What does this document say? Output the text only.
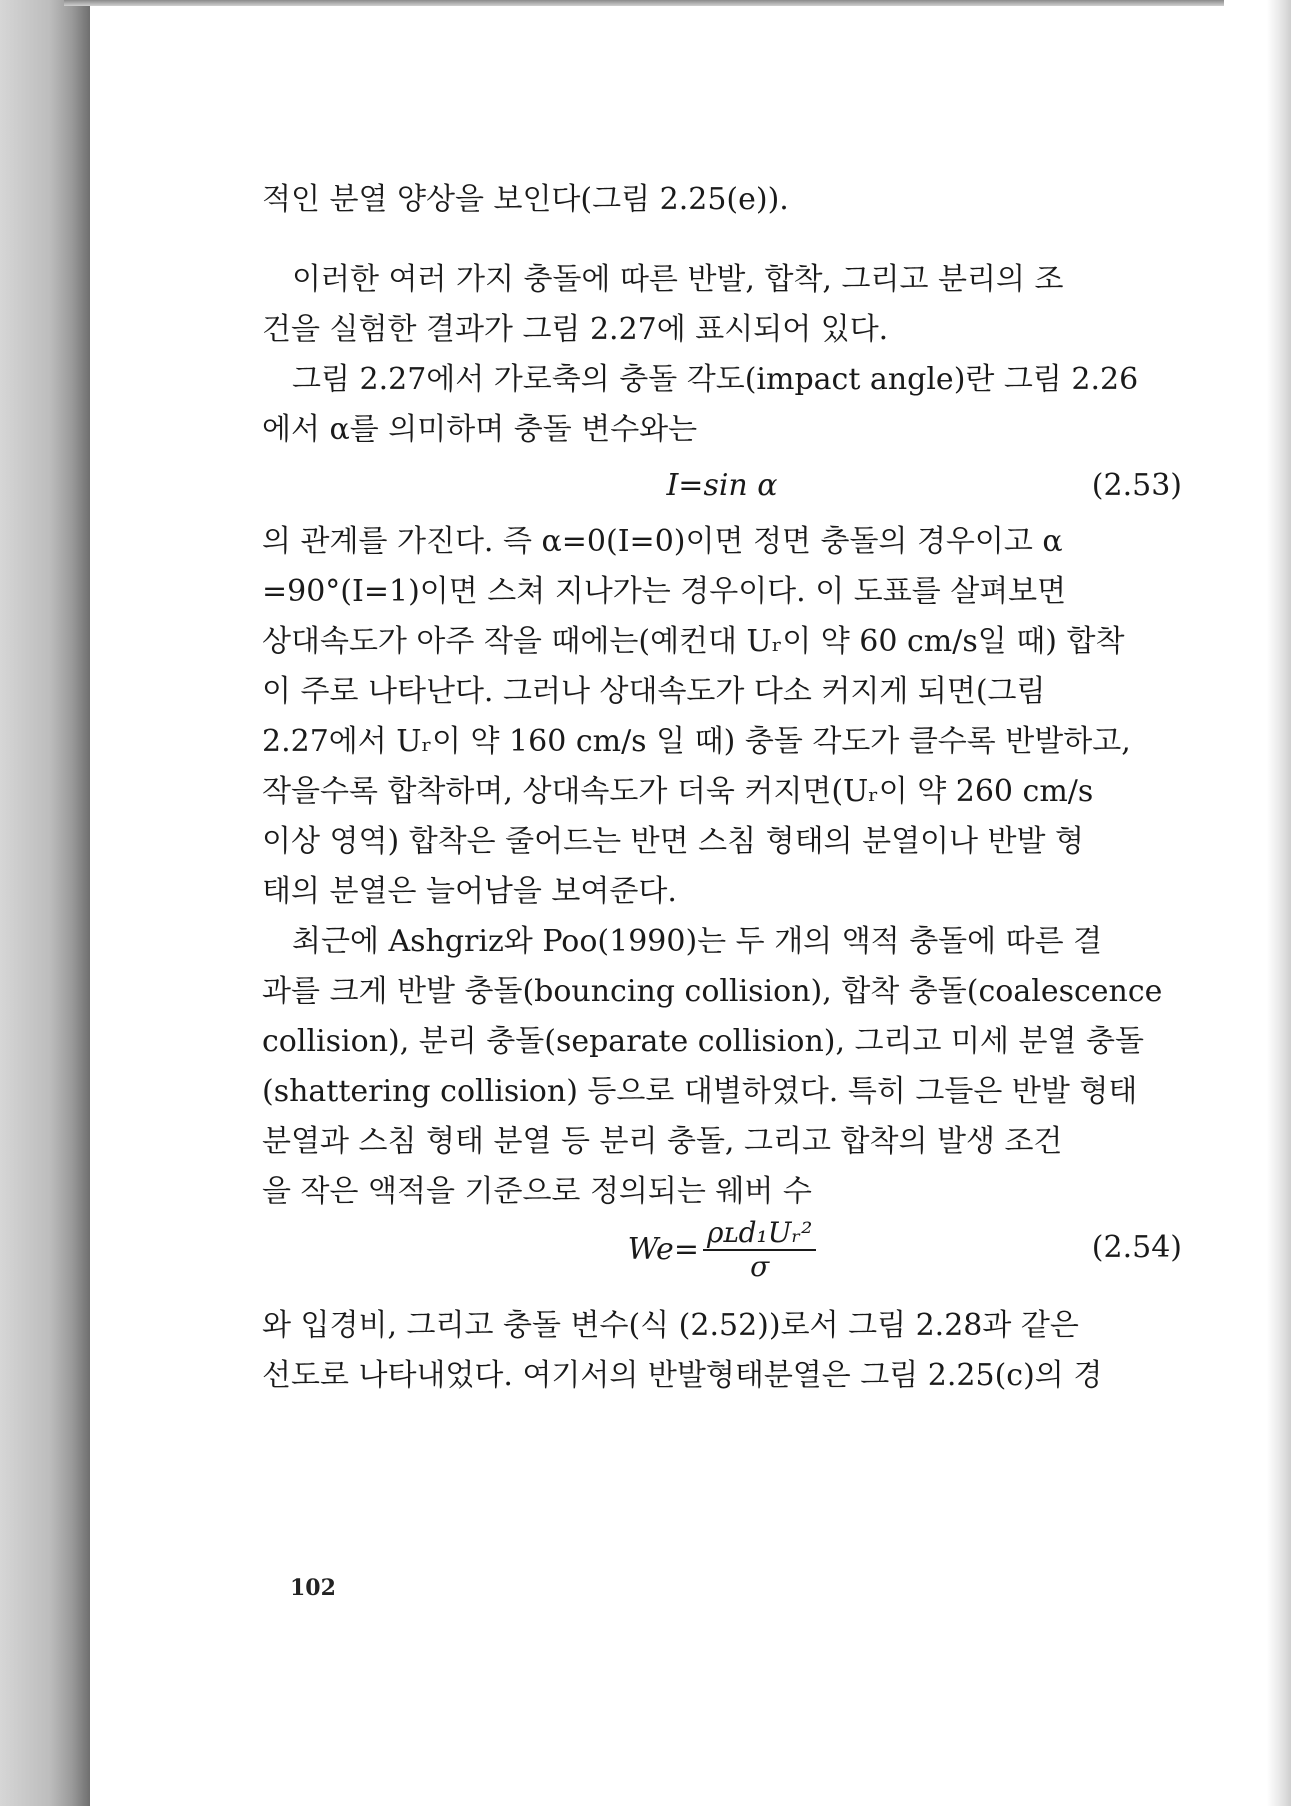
적인 분열 양상을 보인다(그림 2.25(e)).
이러한 여러 가지 충돌에 따른 반발, 합착, 그리고 분리의 조
건을 실험한 결과가 그림 2.27에 표시되어 있다.
그림 2.27에서 가로축의 충돌 각도(impact angle)란 그림 2.26
에서 α를 의미하며 충돌 변수와는
I=sin α	(2.53)
의 관계를 가진다. 즉 α=0(I=0)이면 정면 충돌의 경우이고 α
=90°(I=1)이면 스쳐 지나가는 경우이다. 이 도표를 살펴보면
상대속도가 아주 작을 때에는(예컨대 Uᵣ이 약 60 cm/s일 때) 합착
이 주로 나타난다. 그러나 상대속도가 다소 커지게 되면(그림
2.27에서 Uᵣ이 약 160 cm/s 일 때) 충돌 각도가 클수록 반발하고,
작을수록 합착하며, 상대속도가 더욱 커지면(Uᵣ이 약 260 cm/s
이상 영역) 합착은 줄어드는 반면 스침 형태의 분열이나 반발 형
태의 분열은 늘어남을 보여준다.
최근에 Ashgriz와 Poo(1990)는 두 개의 액적 충돌에 따른 결
과를 크게 반발 충돌(bouncing collision), 합착 충돌(coalescence
collision), 분리 충돌(separate collision), 그리고 미세 분열 충돌
(shattering collision) 등으로 대별하였다. 특히 그들은 반발 형태
분열과 스침 형태 분열 등 분리 충돌, 그리고 합착의 발생 조건
을 작은 액적을 기준으로 정의되는 웨버 수
$We= \frac{\text{ρʟd₁Uᵣ²}}{\sigma}$	(2.54)
와 입경비, 그리고 충돌 변수(식 (2.52))로서 그림 2.28과 같은
선도로 나타내었다. 여기서의 반발형태분열은 그림 2.25(c)의 경
102
